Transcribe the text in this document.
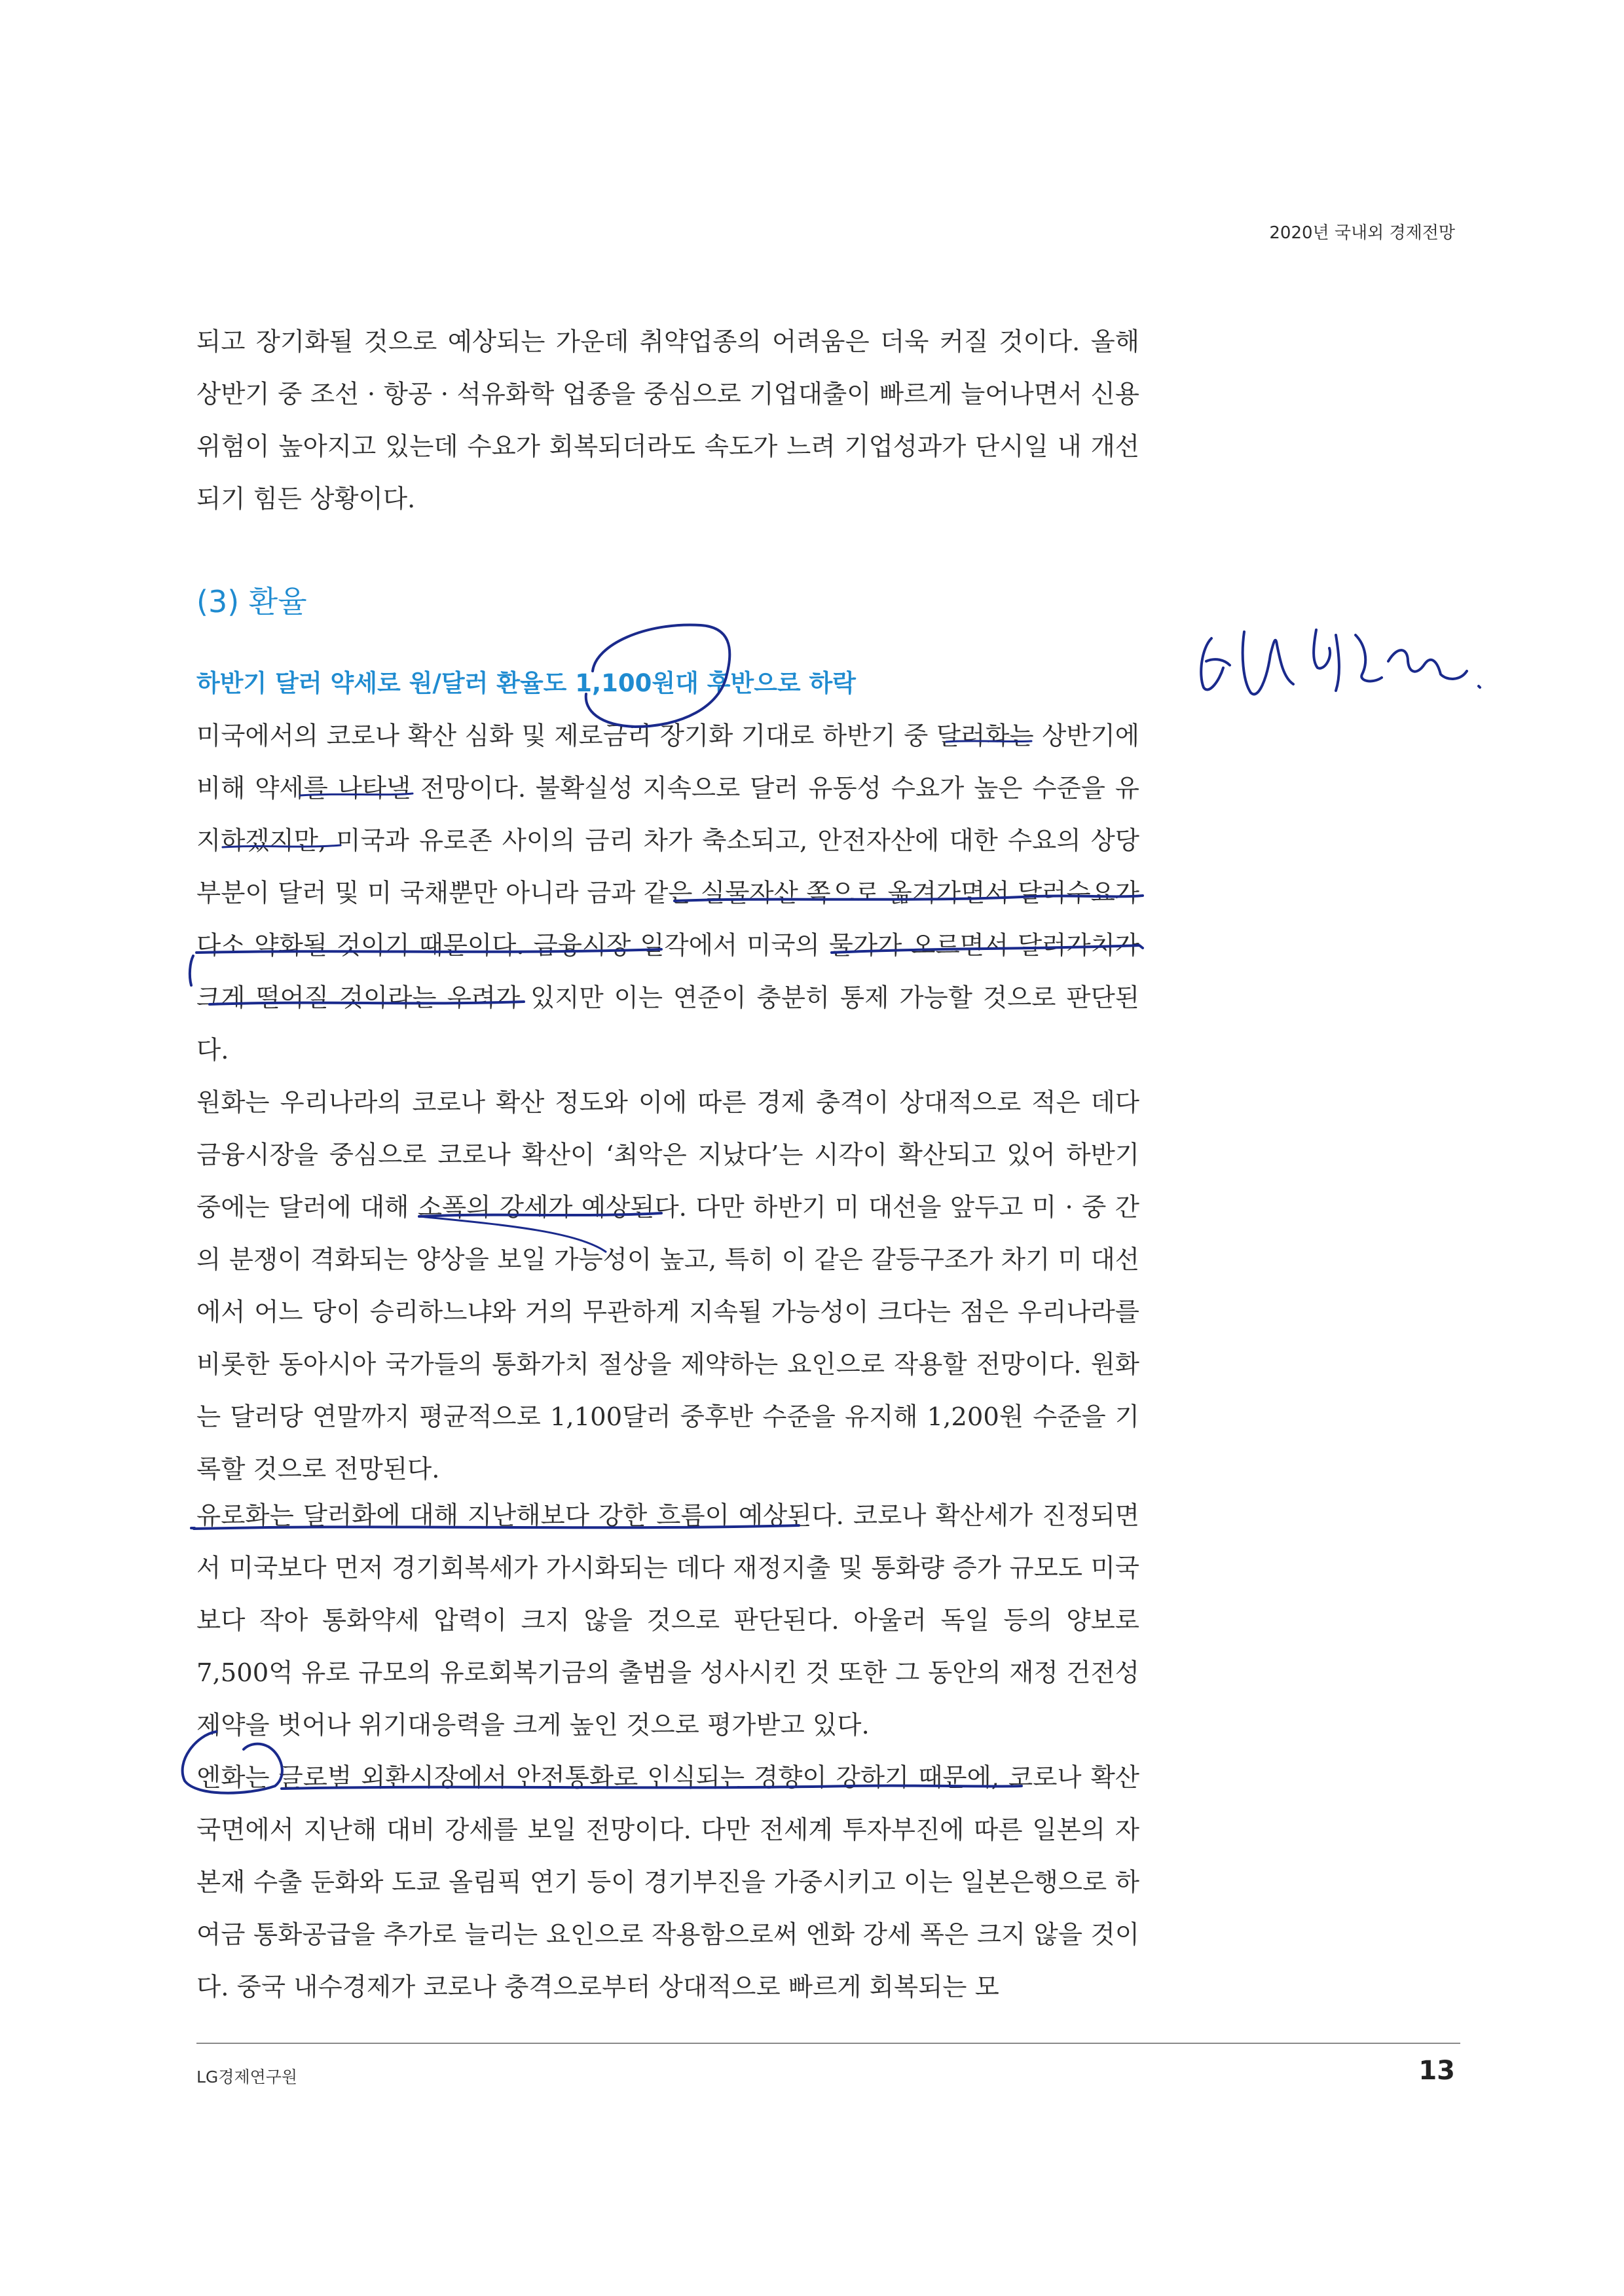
2020년 국내외 경제전망

되고 장기화될 것으로 예상되는 가운데 취약업종의 어려움은 더욱 커질 것이다. 올해 상반기 중 조선 · 항공 · 석유화학 업종을 중심으로 기업대출이 빠르게 늘어나면서 신용위험이 높아지고 있는데 수요가 회복되더라도 속도가 느려 기업성과가 단시일 내 개선되기 힘든 상황이다.

(3) 환율
하반기 달러 약세로 원/달러 환율도 1,100원대 후반으로 하락

미국에서의 코로나 확산 심화 및 제로금리 장기화 기대로 하반기 중 달러화는 상반기에 비해 약세를 나타낼 전망이다. 불확실성 지속으로 달러 유동성 수요가 높은 수준을 유지하겠지만, 미국과 유로존 사이의 금리 차가 축소되고, 안전자산에 대한 수요의 상당 부분이 달러 및 미 국채뿐만 아니라 금과 같은 실물자산 쪽으로 옮겨가면서 달러수요가 다소 약화될 것이기 때문이다. 금융시장 일각에서 미국의 물가가 오르면서 달러가치가 크게 떨어질 것이라는 우려가 있지만 이는 연준이 충분히 통제 가능할 것으로 판단된다.

원화는 우리나라의 코로나 확산 정도와 이에 따른 경제 충격이 상대적으로 적은 데다 금융시장을 중심으로 코로나 확산이 ‘최악은 지났다’는 시각이 확산되고 있어 하반기 중에는 달러에 대해 소폭의 강세가 예상된다. 다만 하반기 미 대선을 앞두고 미 · 중 간의 분쟁이 격화되는 양상을 보일 가능성이 높고, 특히 이 같은 갈등구조가 차기 미 대선에서 어느 당이 승리하느냐와 거의 무관하게 지속될 가능성이 크다는 점은 우리나라를 비롯한 동아시아 국가들의 통화가치 절상을 제약하는 요인으로 작용할 전망이다. 원화는 달러당 연말까지 평균적으로 1,100달러 중후반 수준을 유지해 1,200원 수준을 기록할 것으로 전망된다.

유로화는 달러화에 대해 지난해보다 강한 흐름이 예상된다. 코로나 확산세가 진정되면서 미국보다 먼저 경기회복세가 가시화되는 데다 재정지출 및 통화량 증가 규모도 미국보다 작아 통화약세 압력이 크지 않을 것으로 판단된다. 아울러 독일 등의 양보로 7,500억 유로 규모의 유로회복기금의 출범을 성사시킨 것 또한 그 동안의 재정 건전성 제약을 벗어나 위기대응력을 크게 높인 것으로 평가받고 있다.

엔화는 글로벌 외환시장에서 안전통화로 인식되는 경향이 강하기 때문에, 코로나 확산 국면에서 지난해 대비 강세를 보일 전망이다. 다만 전세계 투자부진에 따른 일본의 자본재 수출 둔화와 도쿄 올림픽 연기 등이 경기부진을 가중시키고 이는 일본은행으로 하여금 통화공급을 추가로 늘리는 요인으로 작용함으로써 엔화 강세 폭은 크지 않을 것이다. 중국 내수경제가 코로나 충격으로부터 상대적으로 빠르게 회복되는 모

LG경제연구원	13
